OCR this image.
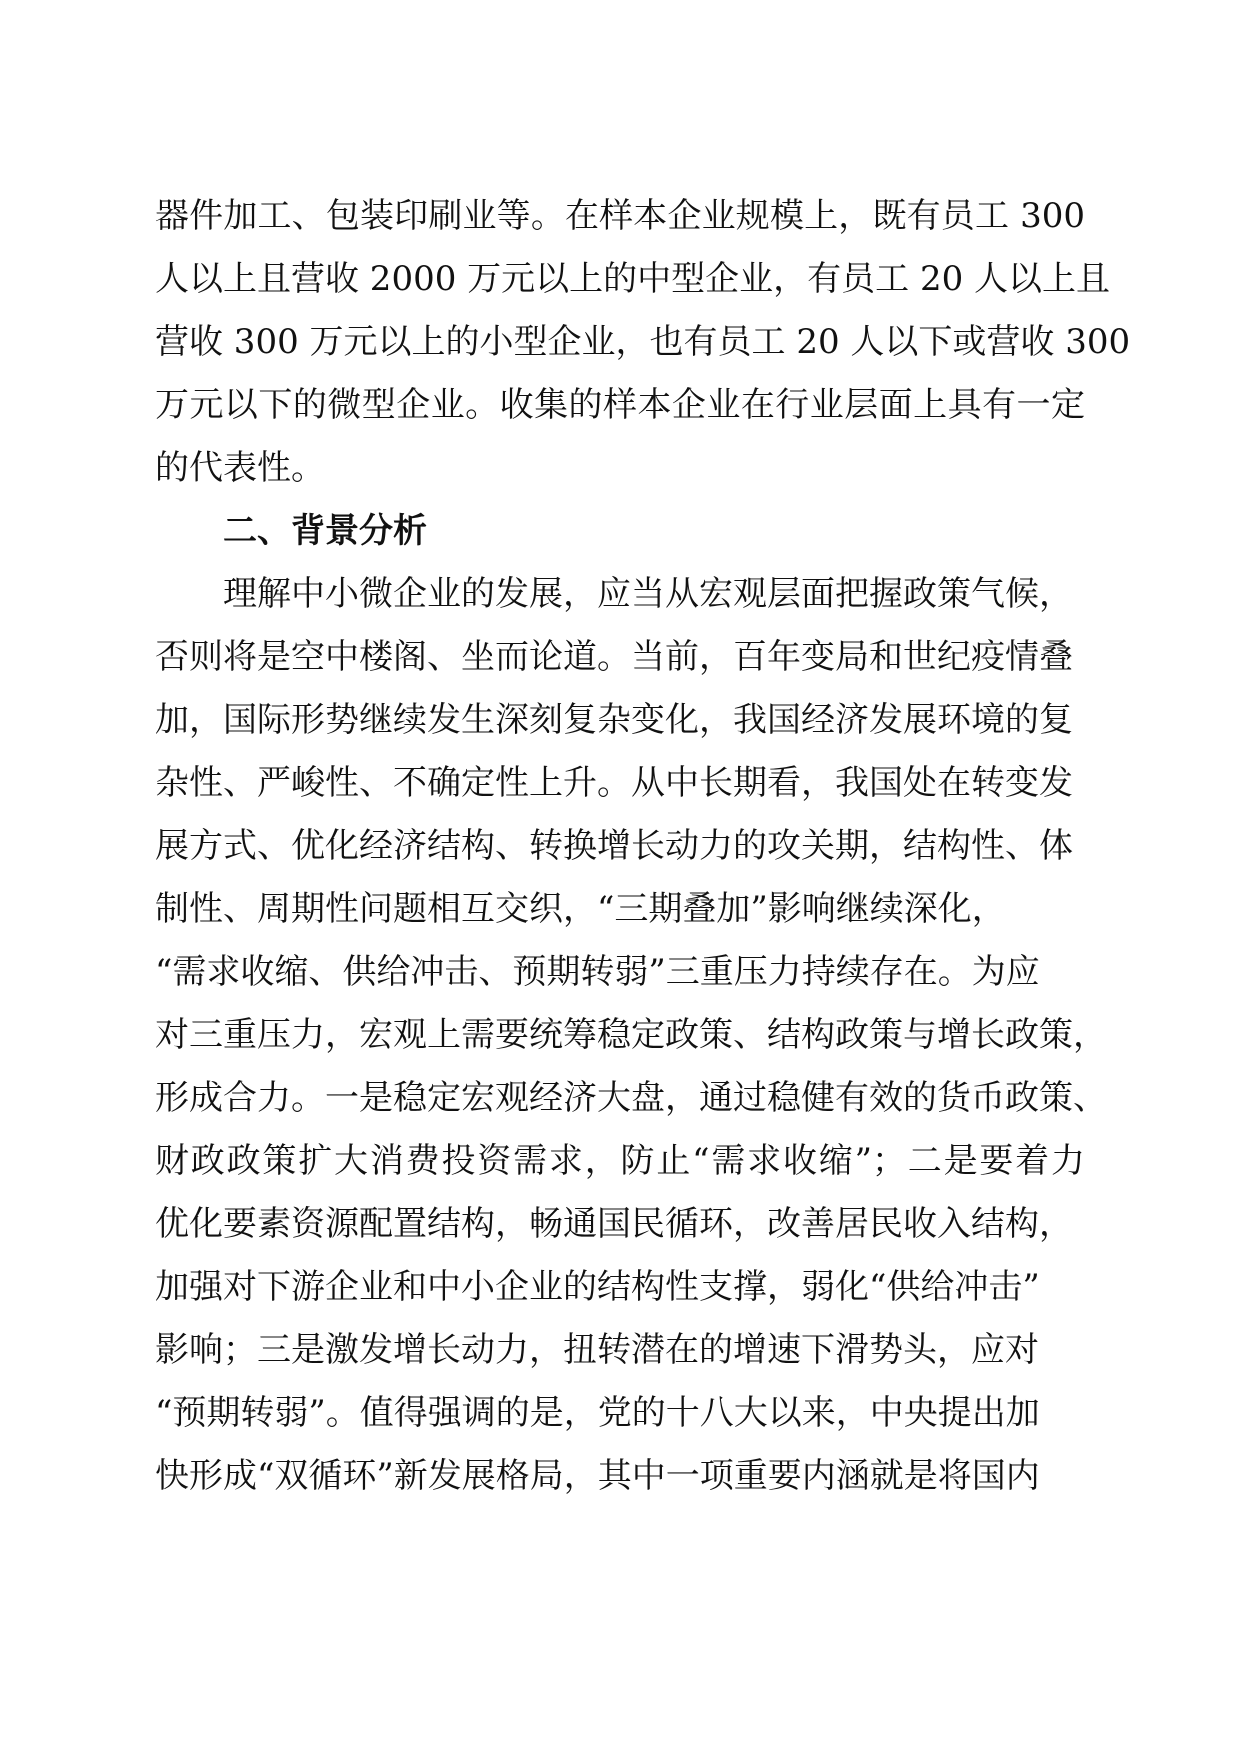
器件加工、包装印刷业等。在样本企业规模上，既有员工 300
人以上且营收 2000 万元以上的中型企业，有员工 20 人以上且
营收 300 万元以上的小型企业，也有员工 20 人以下或营收 300
万元以下的微型企业。收集的样本企业在行业层面上具有一定
的代表性。
二、背景分析
理解中小微企业的发展，应当从宏观层面把握政策气候，
否则将是空中楼阁、坐而论道。当前，百年变局和世纪疫情叠
加，国际形势继续发生深刻复杂变化，我国经济发展环境的复
杂性、严峻性、不确定性上升。从中长期看，我国处在转变发
展方式、优化经济结构、转换增长动力的攻关期，结构性、体
制性、周期性问题相互交织，“三期叠加”影响继续深化，
“需求收缩、供给冲击、预期转弱”三重压力持续存在。为应
对三重压力，宏观上需要统筹稳定政策、结构政策与增长政策，
形成合力。一是稳定宏观经济大盘，通过稳健有效的货币政策、
财政政策扩大消费投资需求，防止“需求收缩”；二是要着力
优化要素资源配置结构，畅通国民循环，改善居民收入结构，
加强对下游企业和中小企业的结构性支撑，弱化“供给冲击”
影响；三是激发增长动力，扭转潜在的增速下滑势头，应对
“预期转弱”。值得强调的是，党的十八大以来，中央提出加
快形成“双循环”新发展格局，其中一项重要内涵就是将国内
